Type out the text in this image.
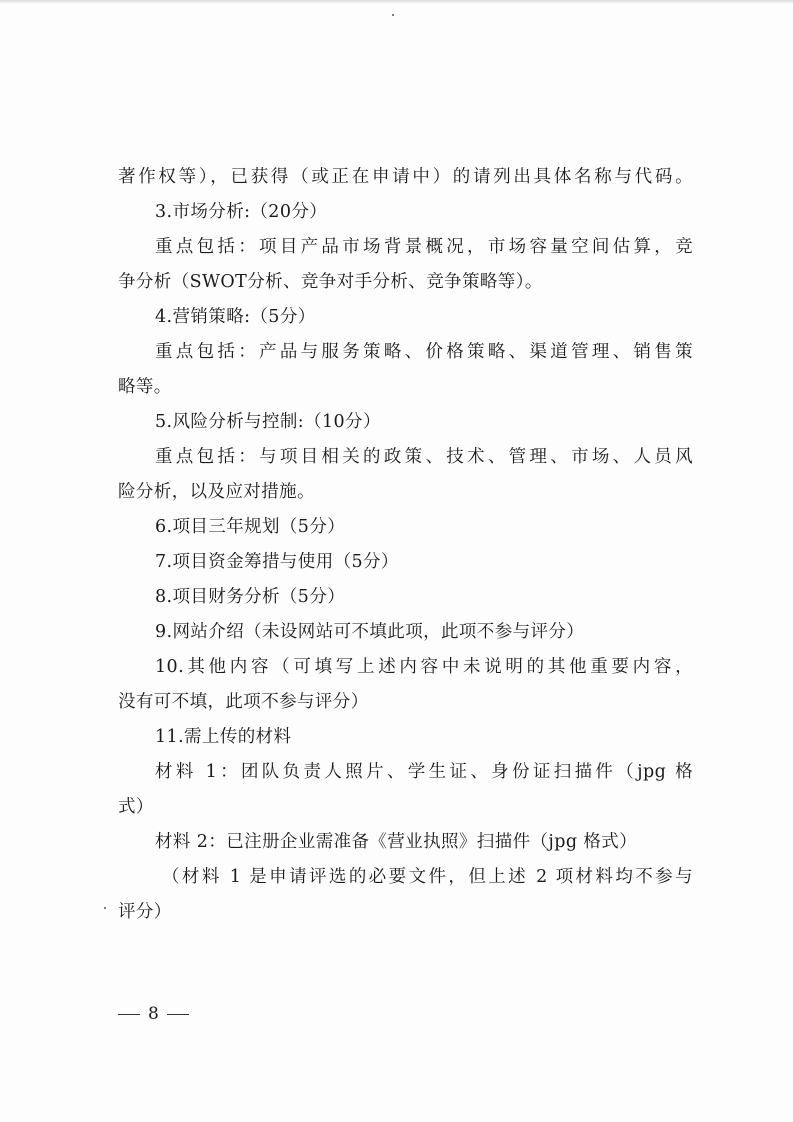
著作权等），已获得（或正在申请中）的请列出具体名称与代码。
3.市场分析:（20分）
重点包括：项目产品市场背景概况，市场容量空间估算，竞
争分析（SWOT分析、竞争对手分析、竞争策略等）。
4.营销策略:（5分）
重点包括：产品与服务策略、价格策略、渠道管理、销售策
略等。
5.风险分析与控制:（10分）
重点包括：与项目相关的政策、技术、管理、市场、人员风
险分析，以及应对措施。
6.项目三年规划（5分）
7.项目资金筹措与使用（5分）
8.项目财务分析（5分）
9.网站介绍（未设网站可不填此项，此项不参与评分）
10.其他内容（可填写上述内容中未说明的其他重要内容，
没有可不填，此项不参与评分）
11.需上传的材料
材料 1：团队负责人照片、学生证、身份证扫描件（jpg 格
式）
材料 2：已注册企业需准备《营业执照》扫描件（jpg 格式）
（材料 1 是申请评选的必要文件，但上述 2 项材料均不参与
评分）
8
